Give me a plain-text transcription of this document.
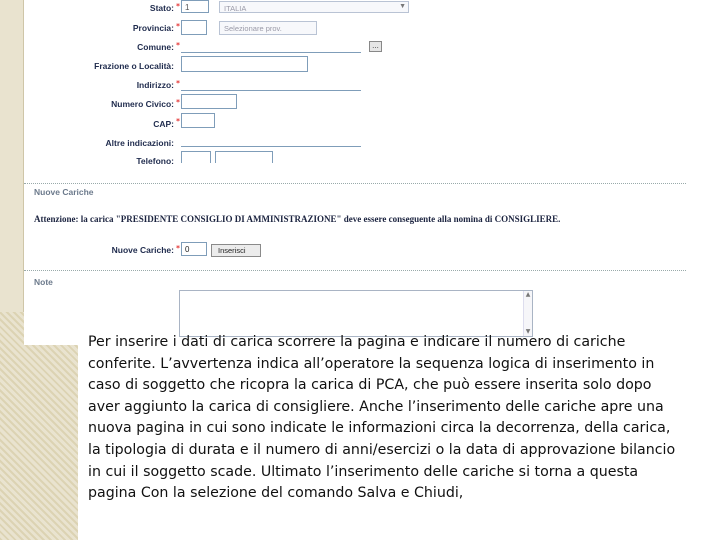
Stato: * 1	ITALIA	▼
Provincia: *	Selezionare prov.
Comune: *	...
Frazione o Località:
Indirizzo: *
Numero Civico: *
CAP: *
Altre indicazioni:
Telefono:
Nuove Cariche
Attenzione: la carica "PRESIDENTE CONSIGLIO DI AMMINISTRAZIONE" deve essere conseguente alla nomina di CONSIGLIERE.
Nuove Cariche: * 0	Inserisci
Note
▲
▼

Per inserire i dati di carica scorrere la pagina e indicare il numero di cariche

conferite. L’avvertenza indica all’operatore la sequenza logica di inserimento in

caso di soggetto che ricopra la carica di PCA, che può essere inserita solo dopo

aver aggiunto la carica di consigliere. Anche l’inserimento delle cariche apre una

nuova pagina in cui sono indicate le informazioni circa la decorrenza, della carica,

la tipologia di durata e il numero di anni/esercizi o la data di approvazione bilancio

in cui il soggetto scade. Ultimato l’inserimento delle cariche si torna a questa

pagina Con la selezione del comando Salva e Chiudi,
